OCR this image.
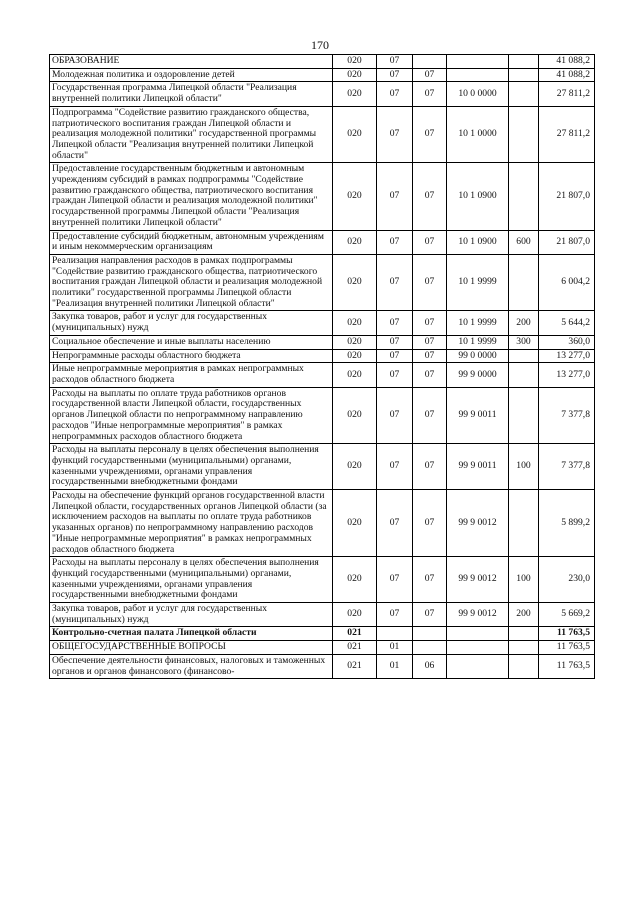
170
ОБРАЗОВАНИЕ	020	07				41 088,2
Молодежная политика и оздоровление детей	020	07	07			41 088,2
Государственная программа Липецкой области "Реализация внутренней политики Липецкой области"	020	07	07	10 0 0000		27 811,2
Подпрограмма "Содействие развитию гражданского общества, патриотического воспитания граждан Липецкой области и реализация молодежной политики" государственной программы Липецкой области "Реализация внутренней политики Липецкой области"	020	07	07	10 1 0000		27 811,2
Предоставление государственным бюджетным и автономным учреждениям субсидий в рамках подпрограммы "Содействие развитию гражданского общества, патриотического воспитания граждан Липецкой области и реализация молодежной политики" государственной программы Липецкой области "Реализация внутренней политики Липецкой области"	020	07	07	10 1 0900		21 807,0
Предоставление субсидий бюджетным, автономным учреждениям и иным некоммерческим организациям	020	07	07	10 1 0900	600	21 807,0
Реализация направления расходов в рамках подпрограммы "Содействие развитию гражданского общества, патриотического воспитания граждан Липецкой области и реализация молодежной политики" государственной программы Липецкой области "Реализация внутренней политики Липецкой области"	020	07	07	10 1 9999		6 004,2
Закупка товаров, работ и услуг для государственных (муниципальных) нужд	020	07	07	10 1 9999	200	5 644,2
Социальное обеспечение и иные выплаты населению	020	07	07	10 1 9999	300	360,0
Непрограммные расходы областного бюджета	020	07	07	99 0 0000		13 277,0
Иные непрограммные мероприятия в рамках непрограммных расходов областного бюджета	020	07	07	99 9 0000		13 277,0
Расходы на выплаты по оплате труда работников органов государственной власти Липецкой области, государственных органов Липецкой области по непрограммному направлению расходов "Иные непрограммные мероприятия" в рамках непрограммных расходов областного бюджета	020	07	07	99 9 0011		7 377,8
Расходы на выплаты персоналу в целях обеспечения выполнения функций государственными (муниципальными) органами, казенными учреждениями, органами управления государственными внебюджетными фондами	020	07	07	99 9 0011	100	7 377,8
Расходы на обеспечение функций органов государственной власти Липецкой области, государственных органов Липецкой области (за исключением расходов на выплаты по оплате труда работников указанных органов) по непрограммному направлению расходов "Иные непрограммные мероприятия" в рамках непрограммных расходов областного бюджета	020	07	07	99 9 0012		5 899,2
Расходы на выплаты персоналу в целях обеспечения выполнения функций государственными (муниципальными) органами, казенными учреждениями, органами управления государственными внебюджетными фондами	020	07	07	99 9 0012	100	230,0
Закупка товаров, работ и услуг для государственных (муниципальных) нужд	020	07	07	99 9 0012	200	5 669,2
Контрольно-счетная палата Липецкой области	021					11 763,5
ОБЩЕГОСУДАРСТВЕННЫЕ ВОПРОСЫ	021	01				11 763,5
Обеспечение деятельности финансовых, налоговых и таможенных органов и органов финансового (финансово-	021	01	06			11 763,5
